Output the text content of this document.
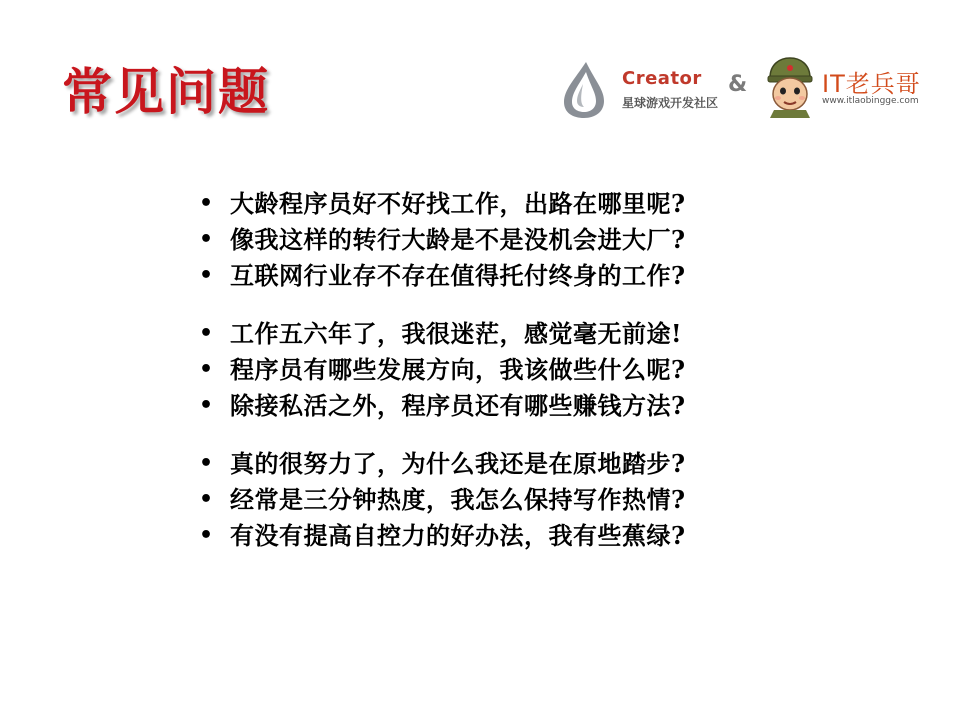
常见问题	Creator
星球游戏开发社区
&	IT老兵哥
www.itlaobingge.com
• 大龄程序员好不好找工作，出路在哪里呢?
• 像我这样的转行大龄是不是没机会进大厂?
• 互联网行业存不存在值得托付终身的工作?
• 工作五六年了，我很迷茫，感觉毫无前途!
• 程序员有哪些发展方向，我该做些什么呢?
• 除接私活之外，程序员还有哪些赚钱方法?
• 真的很努力了，为什么我还是在原地踏步?
• 经常是三分钟热度，我怎么保持写作热情?
• 有没有提高自控力的好办法，我有些蕉绿?
